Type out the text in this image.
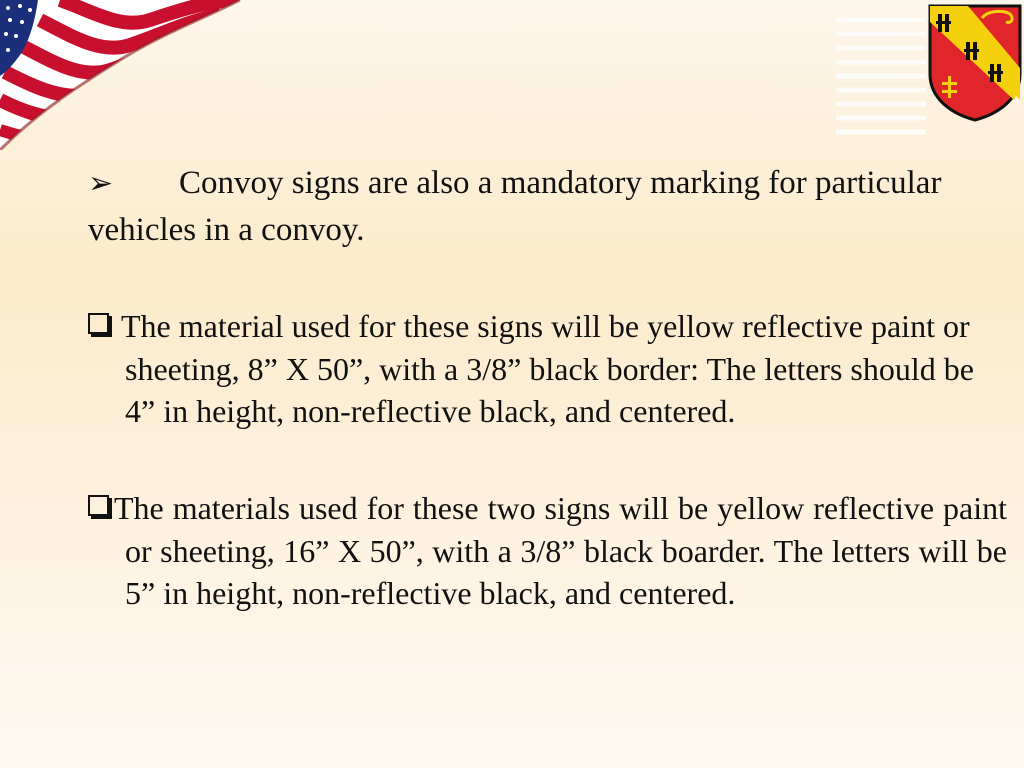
➢ Convoy signs are also a mandatory marking for particular vehicles in a convoy.
The material used for these signs will be yellow reflective paint or sheeting, 8” X 50”, with a 3/8” black border: The letters should be 4” in height, non-reflective black, and centered.
The materials used for these two signs will be yellow reflective paint or sheeting, 16” X 50”, with a 3/8” black boarder. The letters will be 5” in height, non-reflective black, and centered.
